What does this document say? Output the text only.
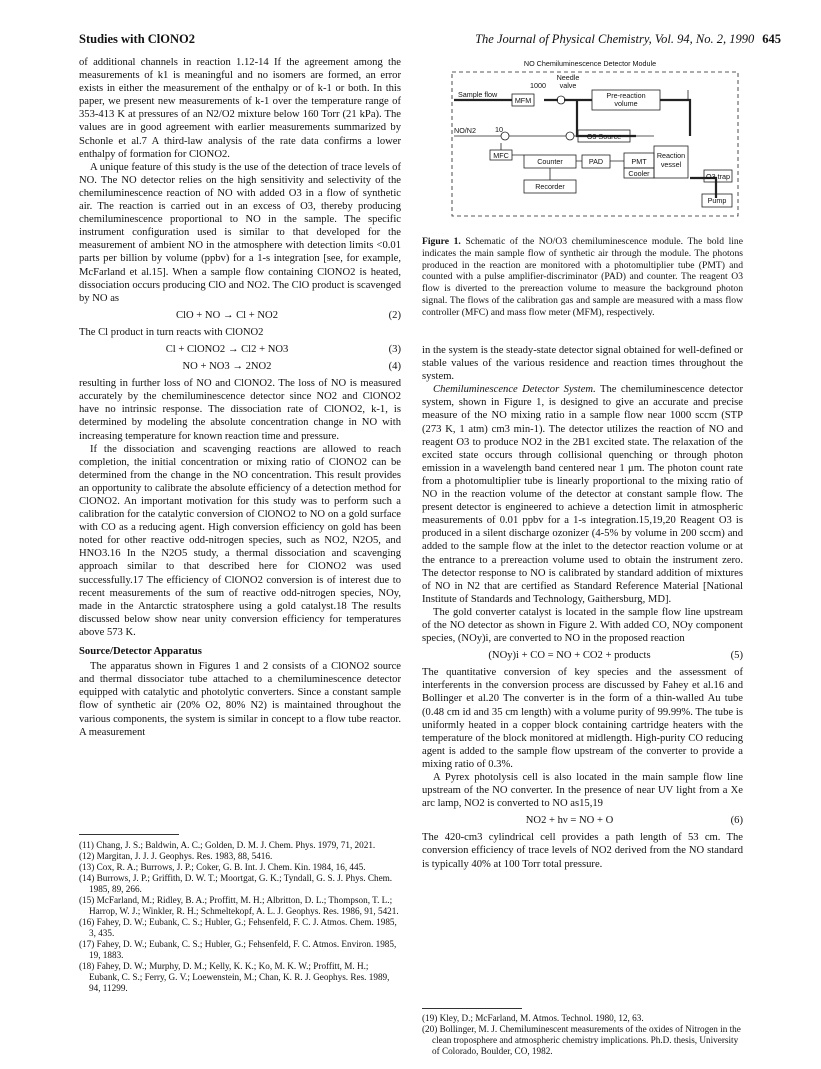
Studies with ClONO2	The Journal of Physical Chemistry, Vol. 94, No. 2, 1990 645

of additional channels in reaction 1.12-14 If the agreement among the measurements of k1 is meaningful and no isomers are formed, an error exists in either the measurement of the enthalpy or of k-1 or both. In this paper, we present new measurements of k-1 over the temperature range of 353-413 K at pressures of an N2/O2 mixture below 160 Torr (21 kPa). The values are in good agreement with earlier measurements summarized by Schonle et al.7 A third-law analysis of the rate data confirms a lower enthalpy of formation for ClONO2.

A unique feature of this study is the use of the detection of trace levels of NO. The NO detector relies on the high sensitivity and selectivity of the chemiluminescence reaction of NO with added O3 in a flow of synthetic air. The reaction is carried out in an excess of O3, thereby producing chemiluminescence proportional to NO in the sample. The specific instrument configuration used is similar to that developed for the measurement of ambient NO in the atmosphere with detection limits <0.01 parts per billion by volume (ppbv) for a 1-s integration [see, for example, McFarland et al.15]. When a sample flow containing ClONO2 is heated, dissociation occurs producing ClO and NO2. The ClO product is scavenged by NO as

ClO + NO → Cl + NO2	(2)

The Cl product in turn reacts with ClONO2

Cl + ClONO2 → Cl2 + NO3	(3)
NO + NO3 → 2NO2	(4)

resulting in further loss of NO and ClONO2. The loss of NO is measured accurately by the chemiluminescence detector since NO2 and ClONO2 have no intrinsic response. The dissociation rate of ClONO2, k-1, is determined by modeling the absolute concentration change in NO with increasing temperature for known reaction time and pressure.

If the dissociation and scavenging reactions are allowed to reach completion, the initial concentration or mixing ratio of ClONO2 can be determined from the change in the NO concentration. This result provides an opportunity to calibrate the absolute efficiency of a detection method for ClONO2. An important motivation for this study was to perform such a calibration for the catalytic conversion of ClONO2 to NO on a gold surface with CO as a reducing agent. High conversion efficiency on gold has been noted for other reactive odd-nitrogen species, such as NO2, N2O5, and HNO3.16 In the N2O5 study, a thermal dissociation and scavenging approach similar to that described here for ClONO2 was used successfully.17 The efficiency of ClONO2 conversion is of interest due to recent measurements of the sum of reactive odd-nitrogen species, NOy, made in the Antarctic stratosphere using a gold catalyst.18 The results discussed below show near unity conversion efficiency for temperatures above 573 K.

Source/Detector Apparatus

The apparatus shown in Figures 1 and 2 consists of a ClONO2 source and thermal dissociator tube attached to a chemiluminescence detector equipped with catalytic and photolytic converters. Since a constant sample flow of synthetic air (20% O2, 80% N2) is maintained throughout the various components, the system is similar in concept to a flow tube reactor. A measurement

(11) Chang, J. S.; Baldwin, A. C.; Golden, D. M. J. Chem. Phys. 1979, 71, 2021.
(12) Margitan, J. J. J. Geophys. Res. 1983, 88, 5416.
(13) Cox, R. A.; Burrows, J. P.; Coker, G. B. Int. J. Chem. Kin. 1984, 16, 445.
(14) Burrows, J. P.; Griffith, D. W. T.; Moortgat, G. K.; Tyndall, G. S. J. Phys. Chem. 1985, 89, 266.
(15) McFarland, M.; Ridley, B. A.; Proffitt, M. H.; Albritton, D. L.; Thompson, T. L.; Harrop, W. J.; Winkler, R. H.; Schmeltekopf, A. L. J. Geophys. Res. 1986, 91, 5421.
(16) Fahey, D. W.; Eubank, C. S.; Hubler, G.; Fehsenfeld, F. C. J. Atmos. Chem. 1985, 3, 435.
(17) Fahey, D. W.; Eubank, C. S.; Hubler, G.; Fehsenfeld, F. C. Atmos. Environ. 1985, 19, 1883.
(18) Fahey, D. W.; Murphy, D. M.; Kelly, K. K.; Ko, M. K. W.; Proffitt, M. H.; Eubank, C. S.; Ferry, G. V.; Loewenstein, M.; Chan, K. R. J. Geophys. Res. 1989, 94, 11299.
NO Chemiluminescence Detector Module
Needle
valve
1000
Sample flow
MFM
Pre-reaction
volume
NO/N2	10
MFC
O3 Source
Counter	PAD	PMT
Reaction
vessel
Cooler
Recorder
O3 trap
Pump
Figure 1. Schematic of the NO/O3 chemiluminescence module. The bold line indicates the main sample flow of synthetic air through the module. The photons produced in the reaction are monitored with a photomultiplier tube (PMT) and counted with a pulse amplifier-discriminator (PAD) and counter. The reagent O3 flow is diverted to the prereaction volume to measure the background photon signal. The flows of the calibration gas and sample are measured with a mass flow controller (MFC) and mass flow meter (MFM), respectively.

in the system is the steady-state detector signal obtained for well-defined or stable values of the various residence and reaction times throughout the system.

Chemiluminescence Detector System. The chemiluminescence detector system, shown in Figure 1, is designed to give an accurate and precise measure of the NO mixing ratio in a sample flow near 1000 sccm (STP (273 K, 1 atm) cm3 min-1). The detector utilizes the reaction of NO and reagent O3 to produce NO2 in the 2B1 excited state. The relaxation of the excited state occurs through collisional quenching or through photon emission in a wavelength band centered near 1 μm. The photon count rate from a photomultiplier tube is linearly proportional to the mixing ratio of NO in the reaction volume of the detector at constant sample flow. The present detector is engineered to achieve a detection limit in atmospheric measurements of 0.01 ppbv for a 1-s integration.15,19,20 Reagent O3 is produced in a silent discharge ozonizer (4-5% by volume in 200 sccm) and added to the sample flow at the inlet to the detector reaction volume or at the entrance to a prereaction volume used to obtain the instrument zero. The detector response to NO is calibrated by standard addition of mixtures of NO in N2 that are certified as Standard Reference Material [National Institute of Standards and Technology, Gaithersburg, MD].

The gold converter catalyst is located in the sample flow line upstream of the NO detector as shown in Figure 2. With added CO, NOy component species, (NOy)i, are converted to NO in the proposed reaction

(NOy)i + CO = NO + CO2 + products	(5)

The quantitative conversion of key species and the assessment of interferents in the conversion process are discussed by Fahey et al.16 and Bollinger et al.20 The converter is in the form of a thin-walled Au tube (0.48 cm id and 35 cm length) with a volume purity of 99.99%. The tube is uniformly heated in a copper block containing cartridge heaters with the temperature of the block monitored at midlength. High-purity CO reducing agent is added to the sample flow upstream of the converter to provide a mixing ratio of 0.3%.

A Pyrex photolysis cell is also located in the main sample flow line upstream of the NO converter. In the presence of near UV light from a Xe arc lamp, NO2 is converted to NO as15,19

NO2 + hν = NO + O	(6)

The 420-cm3 cylindrical cell provides a path length of 53 cm. The conversion efficiency of trace levels of NO2 derived from the NO standard is typically 40% at 100 Torr total pressure.

(19) Kley, D.; McFarland, M. Atmos. Technol. 1980, 12, 63.
(20) Bollinger, M. J. Chemiluminescent measurements of the oxides of Nitrogen in the clean troposphere and atmospheric chemistry implications. Ph.D. thesis, University of Colorado, Boulder, CO, 1982.
